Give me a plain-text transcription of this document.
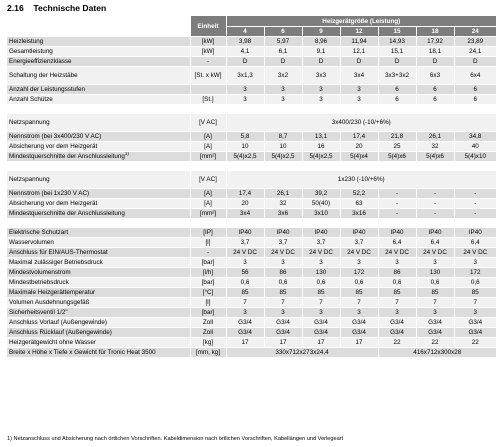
2.16 Technische Daten
	Einheit	Heizgerätgröße (Leistung)						
		4	6	9	12	15	18	24
Heizleistung	[kW]	3,98	5,97	8,96	11,94	14,93	17,92	23,89
Gesamtleistung	[kW]	4,1	6,1	9,1	12,1	15,1	18,1	24,1
Energieeffizienzklasse	-	D	D	D	D	D	D	D
Schaltung der Heizstäbe	[St. x kW]	3x1,3	3x2	3x3	3x4	3x3+3x2	6x3	6x4
Anzahl der Leistungsstufen		3	3	3	3	6	6	6
Anzahl Schütze	[St.]	3	3	3	3	6	6	6

Netzspannung	[V AC]	3x400/230 (-10/+6%)						
Nennstrom (bei 3x400/230 V AC)	[A]	5,8	8,7	13,1	17,4	21,8	26,1	34,8
Absicherung vor dem Heizgerät	[A]	10	10	16	20	25	32	40
Mindestquerschnitte der Anschlussleitung$^{1)}$	[mm²]	5(4)x2,5	5(4)x2,5	5(4)x2,5	5(4)x4	5(4)x6	5(4)x6	5(4)x10

Netzspannung	[V AC]	1x230 (-10/+6%)						
Nennstrom (bei 1x230 V AC)	[A]	17,4	26,1	39,2	52,2	-	-	-
Absicherung vor dem Heizgerät	[A]	20	32	50(40)	63	-	-	-
Mindestquerschnitte der Anschlussleitung	[mm²]	3x4	3x6	3x10	3x16	-	-	-

Elektrische Schutzart	[IP]	IP40	IP40	IP40	IP40	IP40	IP40	IP40
Wasservolumen	[l]	3,7	3,7	3,7	3,7	6,4	6,4	6,4
Anschluss für EIN/AUS-Thermostat	-	24 V DC	24 V DC	24 V DC	24 V DC	24 V DC	24 V DC	24 V DC
Maximal zulässiger Betriebsdruck	[bar]	3	3	3	3	3	3	3
Mindestvolumenstrom	[l/h]	56	86	130	172	86	130	172
Mindestbetriebsdruck	[bar]	0,6	0,6	0,6	0,6	0,6	0,6	0,6
Maximale Heizgerättemperatur	[°C]	85	85	85	85	85	85	85
Volumen Ausdehnungsgefäß	[l]	7	7	7	7	7	7	7
Sicherheitsventil 1/2"	[bar]	3	3	3	3	3	3	3
Anschluss Vorlauf (Außengewinde)	Zoll	G3/4	G3/4	G3/4	G3/4	G3/4	G3/4	G3/4
Anschluss Rücklauf (Außengewinde)	Zoll	G3/4	G3/4	G3/4	G3/4	G3/4	G3/4	G3/4
Heizgerätgewicht ohne Wasser	[kg]	17	17	17	17	22	22	22
Breite x Höhe x Tiefe x Gewicht für Tronic Heat 3500	[mm, kg]	330x712x273x24,4				416x712x300x28		
1) Netzanschluss und Absicherung nach örtlichen Vorschriften. Kabeldimension nach örtlichen Vorschriften, Kabellängen und Verlegeart
